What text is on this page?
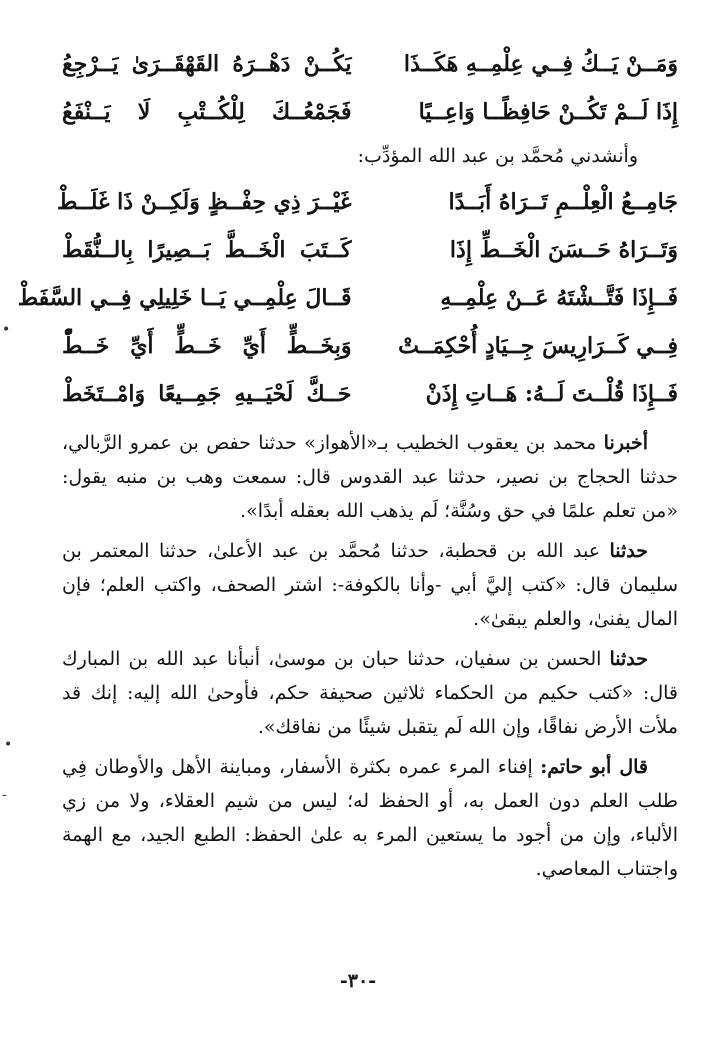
وَمَــنْ يَــكُ فِــي عِلْمِــهِ هَكَــذَا
يَكُــنْ دَهْــرَهُ القَهْقَــرَىٰ يَــرْجِعُ
إِذَا لَــمْ تَكُــنْ حَافِظًــا وَاعِــيًا
فَجَمْعُــكَ لِلْكُــتْبِ لَا يَــنْفَعُ
وأنشدني مُحمَّد بن عبد الله المؤدِّب:
جَامِــعُ الْعِلْــمِ تَــرَاهُ أَبَــدًا
غَيْــرَ ذِي حِفْــظٍ وَلَكِــنْ ذَا غَلَــطْ
وَتَــرَاهُ حَــسَنَ الْخَــطِّ إِذَا
كَــتَبَ الْخَــطَّ بَــصِيرًا بِالــنُّقَطْ
فَــإِذَا فَتَّــشْتَهُ عَــنْ عِلْمِــهِ
قَــالَ عِلْمِــي يَــا خَلِيلِي فِــي السَّفَطْ
فِــي كَــرَارِيسَ جِــيَادٍ أُحْكِمَــتْ
وَبِخَــطٍّ أَيِّ خَــطٍّ أَيِّ خَــطّْ
فَــإِذَا قُلْــتَ لَــهُ: هَــاتِ إِذَنْ
حَــكَّ لَحْيَــيهِ جَمِــيعًا وَامْــتَخَطْ

أخبرنا محمد بن يعقوب الخطيب بـ«الأهواز» حدثنا حفص بن عمرو الرَّبالي، حدثنا الحجاج بن نصير، حدثنا عبد القدوس قال: سمعت وهب بن منبه يقول: «من تعلم علمًا في حق وسُنَّة؛ لَم يذهب الله بعقله أبدًا».

حدثنا عبد الله بن قحطبة، حدثنا مُحمَّد بن عبد الأعلىٰ، حدثنا المعتمر بن سليمان قال: «كتب إليَّ أبي -وأنا بالكوفة-: اشتر الصحف، واكتب العلم؛ فإن المال يفنىٰ، والعلم يبقىٰ».

حدثنا الحسن بن سفيان، حدثنا حبان بن موسىٰ، أنبأنا عبد الله بن المبارك قال: «كتب حكيم من الحكماء ثلاثين صحيفة حكم، فأوحىٰ الله إليه: إنك قد ملأت الأرض نفاقًا، وإن الله لَم يتقبل شيئًا من نفاقك».

قال أبو حاتم: إفناء المرء عمره بكثرة الأسفار، ومباينة الأهل والأوطان فِي طلب العلم دون العمل به، أو الحفظ له؛ ليس من شيم العقلاء، ولا من زي الألباء، وإن من أجود ما يستعين المرء به علىٰ الحفظ: الطبع الجيد، مع الهمة واجتناب المعاصي.

-٣٠-
•
•
-
